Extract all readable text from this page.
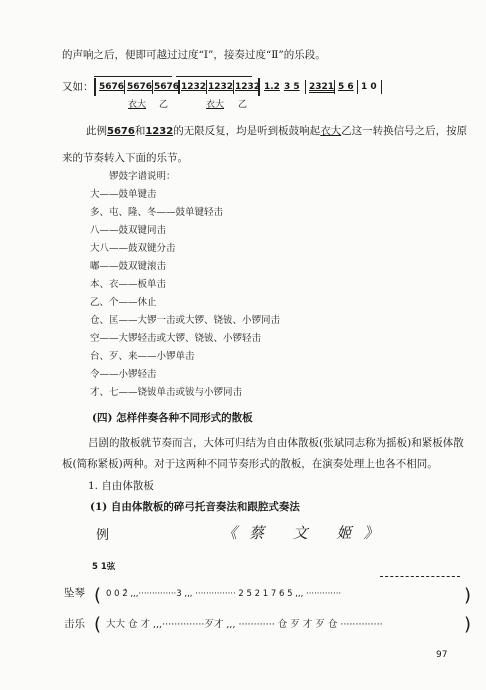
的声响之后，便即可越过过度“Ⅰ”，接奏过度“Ⅱ”的乐段。
又如： 5676 5676 5676 1232 1232 1232 1.2 3 5 2321 5 6 1 0
衣大 乙	衣大 乙
此例5676和1232的无限反复，均是听到板鼓响起衣大乙这一转换信号之后，按原
来的节奏转入下面的乐节。
锣鼓字谱说明：
大——鼓单键击
多、屯、隆、冬——鼓单键轻击
八——鼓双键同击
大八——鼓双键分击
嘟——鼓双键滚击
本、衣——板单击
乙、个——休止
仓、匡——大锣一击或大锣、铙钹、小锣同击
空——大锣轻击或大锣、铙钹、小锣轻击
台、歹、来——小锣单击
令——小锣轻击
才、七——铙钹单击或钹与小锣同击
(四) 怎样伴奏各种不同形式的散板
吕剧的散板就节奏而言，大体可归结为自由体散板(张斌同志称为摇板)和紧板体散
板(简称紧板)两种。对于这两种不同节奏形式的散板，在演奏处理上也各不相同。
1. 自由体散板
(1) 自由体散板的碎弓托音奏法和跟腔式奏法
例	《蔡 文 姬》
5 1弦
坠琴 ( 0 0 2̂ ,,,··············3 ,,, ··············· 2 5 2 1 7 6 5 ,,, ·············	)
击乐 ( 大大 仓 才 ,,,··············歹才 ,,, ············ 仓 歹 才 歹 仓 ··············	)
97
